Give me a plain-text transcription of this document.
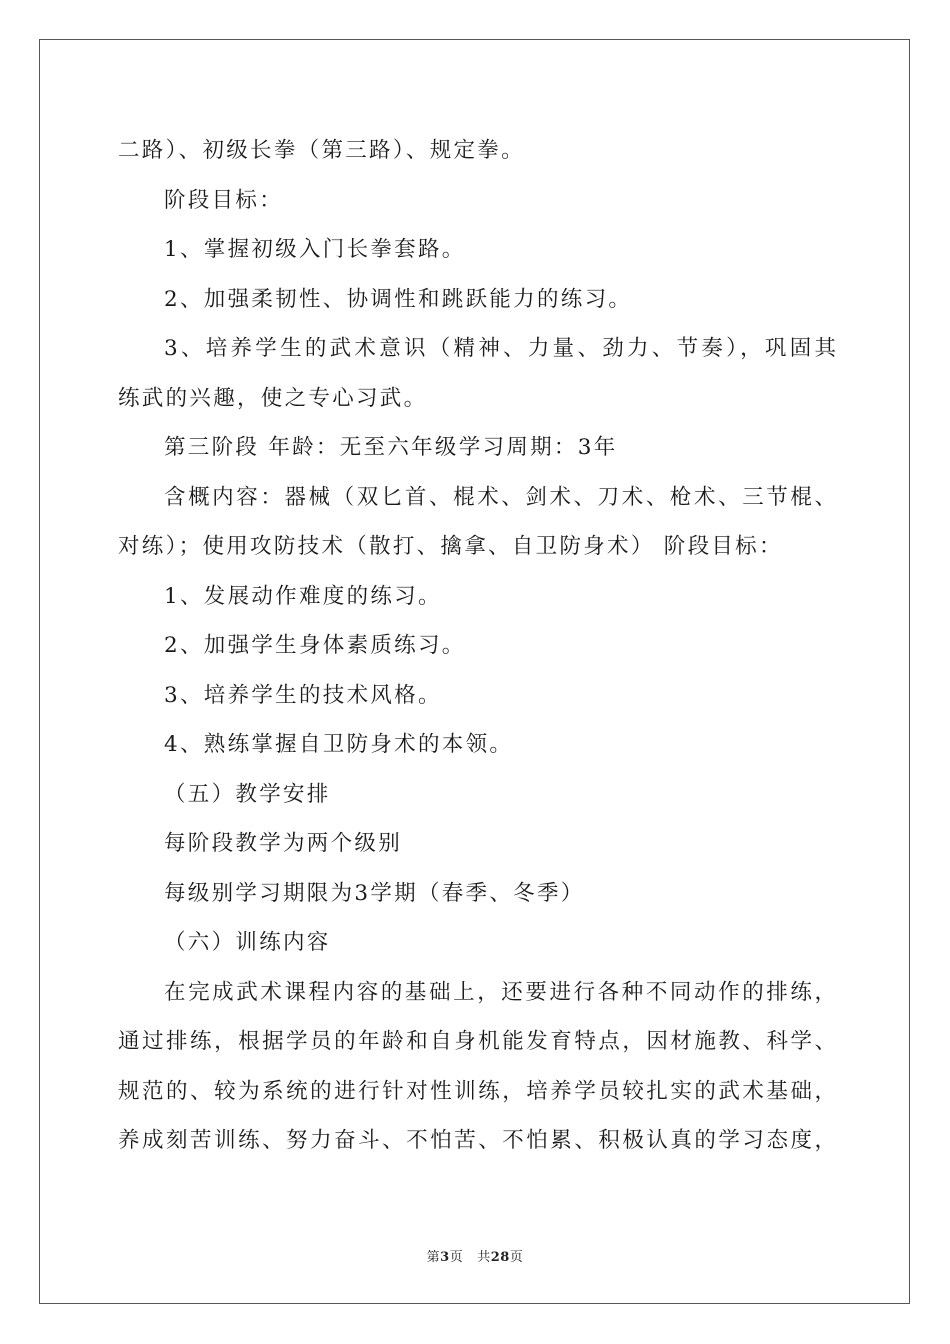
二路）、初级长拳（第三路）、规定拳。
阶段目标：
1、掌握初级入门长拳套路。
2、加强柔韧性、协调性和跳跃能力的练习。
3、培养学生的武术意识（精神、力量、劲力、节奏），巩固其
练武的兴趣，使之专心习武。
第三阶段 年龄：无至六年级学习周期：3年
含概内容：器械（双匕首、棍术、剑术、刀术、枪术、三节棍、
对练）；使用攻防技术（散打、擒拿、自卫防身术） 阶段目标：
1、发展动作难度的练习。
2、加强学生身体素质练习。
3、培养学生的技术风格。
4、熟练掌握自卫防身术的本领。
（五）教学安排
每阶段教学为两个级别
每级别学习期限为3学期（春季、冬季）
（六）训练内容
在完成武术课程内容的基础上，还要进行各种不同动作的排练，
通过排练，根据学员的年龄和自身机能发育特点，因材施教、科学、
规范的、较为系统的进行针对性训练，培养学员较扎实的武术基础，
养成刻苦训练、努力奋斗、不怕苦、不怕累、积极认真的学习态度，
第3页 共28页
